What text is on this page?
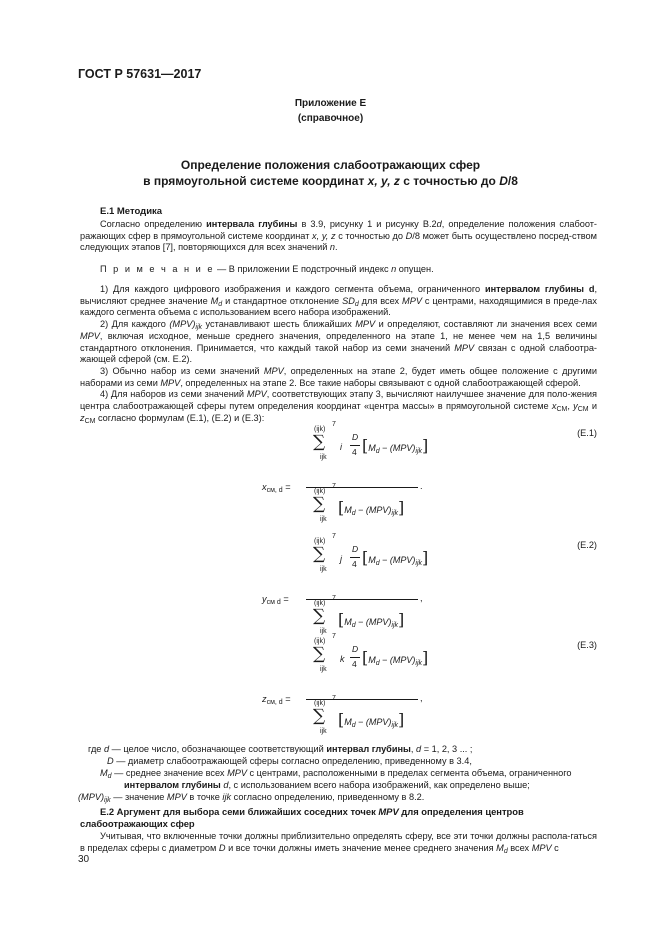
ГОСТ Р 57631—2017
Приложение Е
(справочное)
Определение положения слабоотражающих сфер
в прямоугольной системе координат x, y, z с точностью до D/8
Е.1 Методика

Согласно определению интервала глубины в 3.9, рисунку 1 и рисунку В.2d, определение положения слабоот-ражающих сфер в прямоугольной системе координат x, y, z с точностью до D/8 может быть осуществлено посред-ством следующих этапов [7], повторяющихся для всех значений n.

П р и м е ч а н и е — В приложении Е подстрочный индекс n опущен.

1) Для каждого цифрового изображения и каждого сегмента объема, ограниченного интервалом глубины d, вычисляют среднее значение $M_d$ и стандартное отклонение $SD_d$ для всех MPV с центрами, находящимися в преде-лах каждого сегмента объема с использованием всего набора изображений.

2) Для каждого $(MPV)_{ijk}$ устанавливают шесть ближайших MPV и определяют, составляют ли значения всех семи MPV, включая исходное, меньше среднего значения, определенного на этапе 1, не менее чем на 1,5 величины стандартного отклонения. Принимается, что каждый такой набор из семи значений MPV связан с одной слабоотра-жающей сферой (см. Е.2).

3) Обычно набор из семи значений MPV, определенных на этапе 2, будет иметь общее положение с другими наборами из семи MPV, определенных на этапе 2. Все такие наборы связывают с одной слабоотражающей сферой.

4) Для наборов из семи значений MPV, соответствующих этапу 3, вычисляют наилучшее значение для поло-жения центра слабоотражающей сферы путем определения координат «центра массы» в прямоугольной системе $x_{СМ}$, $y_{СМ}$ и $z_{СМ}$ согласно формулам (Е.1), (Е.2) и (Е.3):

(Е.1)
$x_{см, d}$ =
(ijk)
7
∑
ijk
i
D
4 $[M_d - (MPV)_{ijk}]$
.
(ijk)
7
∑
ijk
$[M_d - (MPV)_{ijk}]$
(Е.2)
$y_{см d}$ =
(ijk)
7
∑
ijk
j
D
4 $[M_d - (MPV)_{ijk}]$
,
(ijk)
7
∑
ijk
$[M_d - (MPV)_{ijk}]$
(Е.3)
$z_{см, d}$ =
(ijk)
7
∑
ijk
k
D
4 $[M_d - (MPV)_{ijk}]$
,
(ijk)
7
∑
ijk
$[M_d - (MPV)_{ijk}]$
где d — целое число, обозначающее соответствующий интервал глубины, d = 1, 2, 3 ... ;
D — диаметр слабоотражающей сферы согласно определению, приведенному в 3.4,
$M_d$ — среднее значение всех MPV с центрами, расположенными в пределах сегмента объема, ограниченного
интервалом глубины d, с использованием всего набора изображений, как определено выше;
$(MPV)_{ijk}$ — значение MPV в точке ijk согласно определению, приведенному в 8.2.
Е.2 Аргумент для выбора семи ближайших соседних точек MPV для определения центров
слабоотражающих сфер

Учитывая, что включенные точки должны приблизительно определять сферу, все эти точки должны распола-гаться в пределах сферы с диаметром D и все точки должны иметь значение менее среднего значения $M_d$ всех MPV с

30
